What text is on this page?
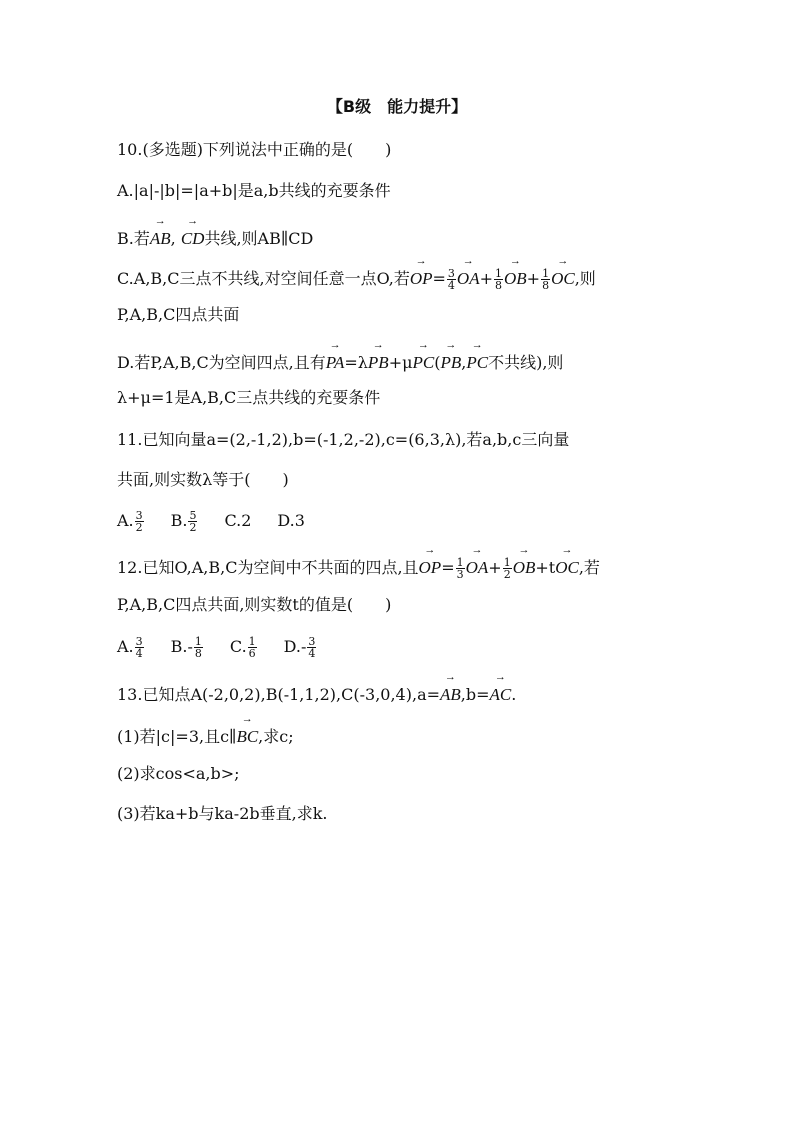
【B级　能力提升】
10.(多选题)下列说法中正确的是(　　)
A.|a|-|b|=|a+b|是a,b共线的充要条件
B.若→ AB, → CD共线,则AB∥CD
C.A,B,C三点不共线,对空间任意一点O,若→ $OP= \frac{3}{4}$
→ $OA+ \frac{1}{8}$
→ $OB+ \frac{1}{8}$
→ OC,则
P,A,B,C四点共面
D.若P,A,B,C为空间四点,且有→ PA=λ→ PB+μ→ PC(→ PB,→ PC不共线),则
λ+μ=1是A,B,C三点共线的充要条件
11.已知向量a=(2,-1,2),b=(-1,2,-2),c=(6,3,λ),若a,b,c三向量
共面,则实数λ等于(　　)
A. $\frac{3}{2} B$. $\frac{5}{2} C.2$ D.3
12.已知O,A,B,C为空间中不共面的四点,且→ $OP= \frac{1}{3}$
→ $OA+ \frac{1}{2}$
→ OB+t→ OC,若
P,A,B,C四点共面,则实数t的值是(　　)
A. $\frac{3}{4} B.- \frac{1}{8} C$. $\frac{1}{6} D.- \frac{3}{4}$
13.已知点A(-2,0,2),B(-1,1,2),C(-3,0,4),a=→ AB,b=→ AC.
(1)若|c|=3,且c∥→ BC,求c;
(2)求cos<a,b>;
(3)若ka+b与ka-2b垂直,求k.
